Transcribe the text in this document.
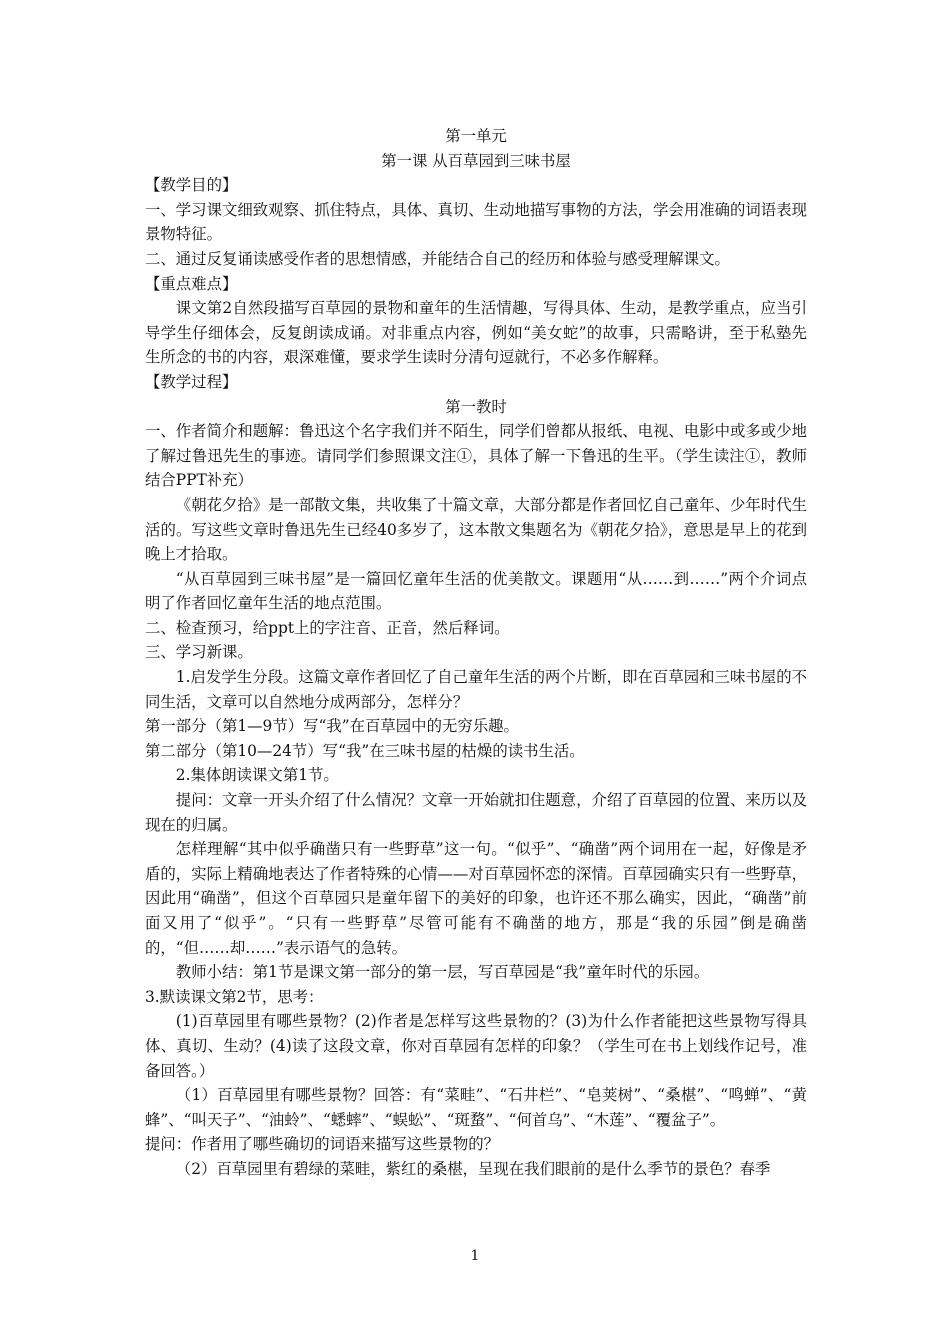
第一单元

第一课 从百草园到三味书屋

【教学目的】

一、学习课文细致观察、抓住特点，具体、真切、生动地描写事物的方法，学会用准确的词语表现景物特征。

二、通过反复诵读感受作者的思想情感，并能结合自己的经历和体验与感受理解课文。

【重点难点】

课文第2自然段描写百草园的景物和童年的生活情趣，写得具体、生动，是教学重点，应当引导学生仔细体会，反复朗读成诵。对非重点内容，例如“美女蛇”的故事，只需略讲，至于私塾先生所念的书的内容，艰深难懂，要求学生读时分清句逗就行，不必多作解释。

【教学过程】

第一教时

一、作者简介和题解：鲁迅这个名字我们并不陌生，同学们曾都从报纸、电视、电影中或多或少地了解过鲁迅先生的事迹。请同学们参照课文注①，具体了解一下鲁迅的生平。（学生读注①，教师结合PPT补充）

《朝花夕拾》是一部散文集，共收集了十篇文章，大部分都是作者回忆自己童年、少年时代生活的。写这些文章时鲁迅先生已经40多岁了，这本散文集题名为《朝花夕拾》，意思是早上的花到晚上才拾取。

“从百草园到三味书屋”是一篇回忆童年生活的优美散文。课题用“从……到……”两个介词点明了作者回忆童年生活的地点范围。

二、检查预习，给ppt上的字注音、正音，然后释词。

三、学习新课。

1.启发学生分段。这篇文章作者回忆了自己童年生活的两个片断，即在百草园和三味书屋的不同生活，文章可以自然地分成两部分，怎样分？

第一部分（第1—9节）写“我”在百草园中的无穷乐趣。

第二部分（第10—24节）写“我”在三味书屋的枯燥的读书生活。

2.集体朗读课文第1节。

提问：文章一开头介绍了什么情况？文章一开始就扣住题意，介绍了百草园的位置、来历以及现在的归属。

怎样理解“其中似乎确凿只有一些野草”这一句。“似乎”、“确凿”两个词用在一起，好像是矛盾的，实际上精确地表达了作者特殊的心情——对百草园怀恋的深情。百草园确实只有一些野草，因此用“确凿”，但这个百草园只是童年留下的美好的印象，也许还不那么确实，因此，“确凿”前面又用了“似乎”。“只有一些野草”尽管可能有不确凿的地方，那是“我的乐园”倒是确凿的，“但……却……”表示语气的急转。

教师小结：第1节是课文第一部分的第一层，写百草园是“我”童年时代的乐园。

3.默读课文第2节，思考：

(1)百草园里有哪些景物？(2)作者是怎样写这些景物的？(3)为什么作者能把这些景物写得具体、真切、生动？(4)读了这段文章，你对百草园有怎样的印象？（学生可在书上划线作记号，准备回答。）

（1）百草园里有哪些景物？回答：有“菜畦”、“石井栏”、“皂荚树”、“桑椹”、“鸣蝉”、“黄蜂”、“叫天子”、“油蛉”、“蟋蟀”、“蜈蚣”、“斑蝥”、“何首乌”、“木莲”、“覆盆子”。

提问：作者用了哪些确切的词语来描写这些景物的？

（2）百草园里有碧绿的菜畦，紫红的桑椹，呈现在我们眼前的是什么季节的景色？春季

1
